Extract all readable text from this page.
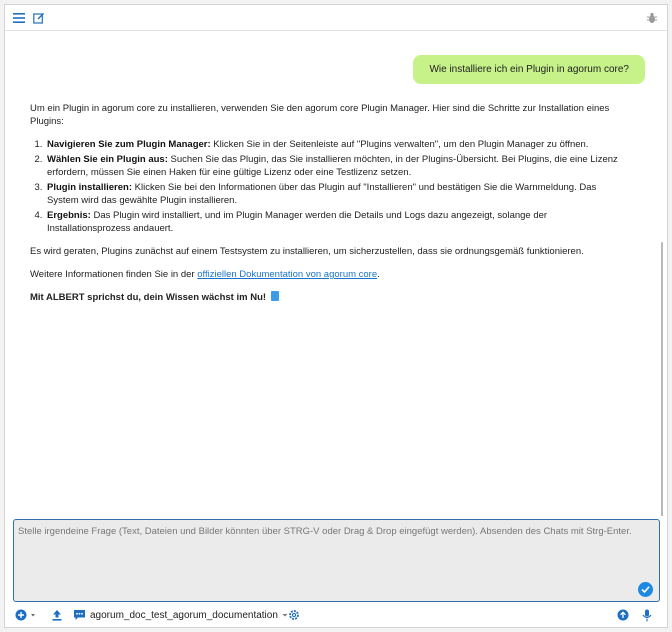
Wie installiere ich ein Plugin in agorum core?

Um ein Plugin in agorum core zu installieren, verwenden Sie den agorum core Plugin Manager. Hier sind die Schritte zur Installation eines Plugins:

1. Navigieren Sie zum Plugin Manager: Klicken Sie in der Seitenleiste auf "Plugins verwalten", um den Plugin Manager zu öffnen.
2. Wählen Sie ein Plugin aus: Suchen Sie das Plugin, das Sie installieren möchten, in der Plugins-Übersicht. Bei Plugins, die eine Lizenz erfordern, müssen Sie einen Haken für eine gültige Lizenz oder eine Testlizenz setzen.
3. Plugin installieren: Klicken Sie bei den Informationen über das Plugin auf "Installieren" und bestätigen Sie die Warnmeldung. Das System wird das gewählte Plugin installieren.
4. Ergebnis: Das Plugin wird installiert, und im Plugin Manager werden die Details und Logs dazu angezeigt, solange der Installationsprozess andauert.

Es wird geraten, Plugins zunächst auf einem Testsystem zu installieren, um sicherzustellen, dass sie ordnungsgemäß funktionieren.

Weitere Informationen finden Sie in der offiziellen Dokumentation von agorum core.

Mit ALBERT sprichst du, dein Wissen wächst im Nu!

Stelle irgendeine Frage (Text, Dateien und Bilder könnten über STRG-V oder Drag & Drop eingefügt werden). Absenden des Chats mit Strg-Enter.
agorum_doc_test_agorum_documentation
